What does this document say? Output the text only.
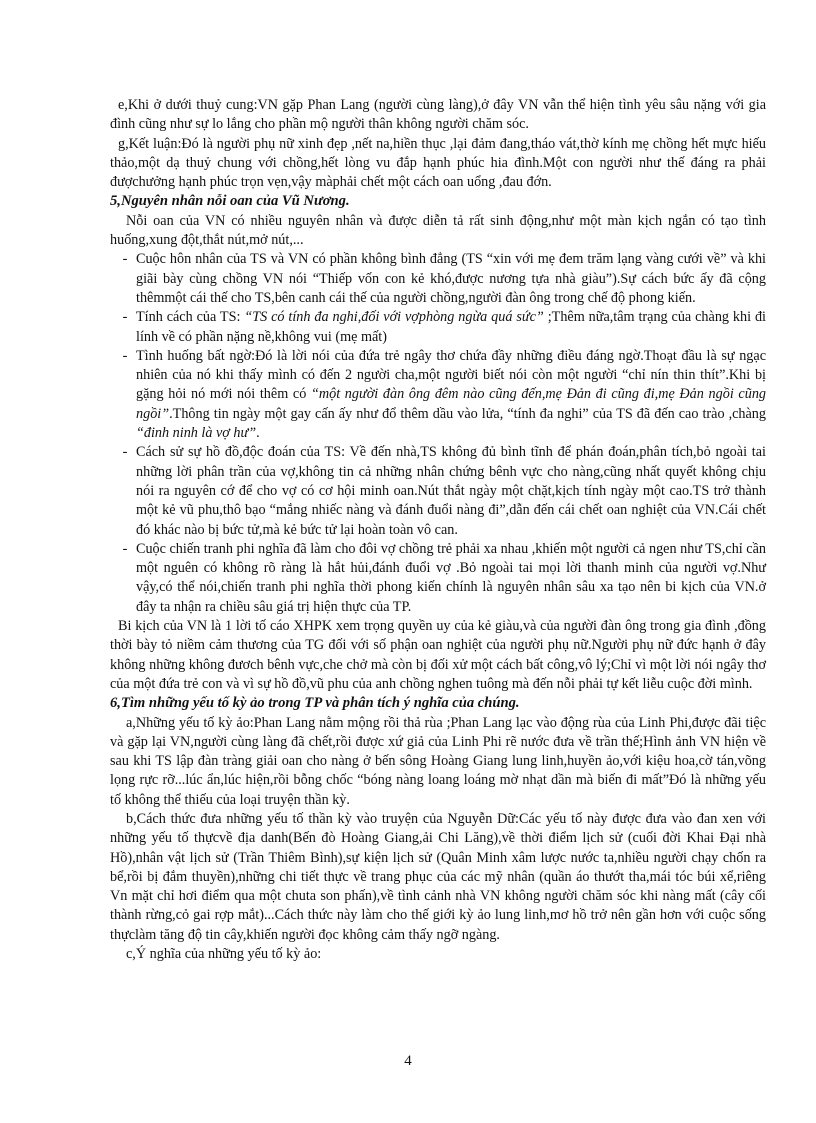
e,Khi ở dưới thuỷ cung:VN gặp Phan Lang (người cùng làng),ở đây VN vẫn thể hiện tình yêu sâu nặng với gia đình cũng như sự lo lắng cho phần mộ người thân không người chăm sóc.

g,Kết luận:Đó là người phụ nữ xinh đẹp ,nết na,hiền thục ,lại đảm đang,tháo vát,thờ kính mẹ chồng hết mực hiếu thảo,một dạ thuỷ chung với chồng,hết lòng vu đắp hạnh phúc hia đình.Một con người như thế đáng ra phải đượchưởng hạnh phúc trọn vẹn,vậy màphải chết một cách oan uổng ,đau đớn.

5,Nguyên nhân nỗi oan của Vũ Nương.

Nỗi oan của VN có nhiều nguyên nhân và được diễn tả rất sinh động,như một màn kịch ngắn có tạo tình huống,xung đột,thắt nút,mở nút,...

- Cuộc hôn nhân của TS và VN có phần không bình đẳng (TS “xin với mẹ đem trăm lạng vàng cưới về” và khi giãi bày cùng chồng VN nói “Thiếp vốn con kẻ khó,được nương tựa nhà giàu”).Sự cách bức ấy đã cộng thêmmột cái thế cho TS,bên canh cái thế của người chồng,người đàn ông trong chế độ phong kiến.
- Tính cách của TS: “TS có tính đa nghi,đối với vợphòng ngừa quá sức” ;Thêm nữa,tâm trạng của chàng khi đi lính về có phần nặng nề,không vui (mẹ mất)
- Tình huống bất ngờ:Đó là lời nói của đứa trẻ ngây thơ chứa đầy những điều đáng ngờ.Thoạt đầu là sự ngạc nhiên của nó khi thấy mình có đến 2 người cha,một người biết nói còn một người “chỉ nín thin thít”.Khi bị gặng hỏi nó mới nói thêm có “một người đàn ông đêm nào cũng đến,mẹ Đản đi cũng đi,mẹ Đản ngồi cũng ngồi”.Thông tin ngày một gay cấn ấy như đổ thêm dầu vào lửa, “tính đa nghi” của TS đã đến cao trào ,chàng “đinh ninh là vợ hư”.
- Cách sử sự hồ đồ,độc đoán của TS: Về đến nhà,TS không đủ bình tĩnh để phán đoán,phân tích,bỏ ngoài tai những lời phân trần của vợ,không tin cả những nhân chứng bênh vực cho nàng,cũng nhất quyết không chịu nói ra nguyên cớ để cho vợ có cơ hội minh oan.Nút thắt ngày một chặt,kịch tính ngày một cao.TS trở thành một kẻ vũ phu,thô bạo “mắng nhiếc nàng và đánh đuổi nàng đi”,dẫn đến cái chết oan nghiệt của VN.Cái chết đó khác nào bị bức tử,mà kẻ bức tử lại hoàn toàn vô can.
- Cuộc chiến tranh phi nghĩa đã làm cho đôi vợ chồng trẻ phải xa nhau ,khiến một người cả ngen như TS,chỉ cần một nguên có không rõ ràng là hắt hủi,đánh đuổi vợ .Bỏ ngoài tai mọi lời thanh minh của người vợ.Như vậy,có thể nói,chiến tranh phi nghĩa thời phong kiến chính là nguyên nhân sâu xa tạo nên bi kịch của VN.ở đây ta nhận ra chiều sâu giá trị hiện thực của TP.

Bi kịch của VN là 1 lời tố cáo XHPK xem trọng quyền uy của kẻ giàu,và của người đàn ông trong gia đình ,đồng thời bày tỏ niềm cảm thương của TG đối với số phận oan nghiệt của người phụ nữ.Người phụ nữ đức hạnh ở đây không những không đươch bênh vực,che chở mà còn bị đối xử một cách bất công,vô lý;Chỉ vì một lời nói ngây thơ của một đứa trẻ con và vì sự hồ đồ,vũ phu của anh chồng nghen tuông mà đến nỗi phải tự kết liễu cuộc đời mình.

6,Tìm những yếu tố kỳ ảo trong TP và phân tích ý nghĩa của chúng.

a,Những yếu tố kỳ ảo:Phan Lang nằm mộng rồi thả rùa ;Phan Lang lạc vào động rùa của Linh Phi,được đãi tiệc và gặp lại VN,người cùng làng đã chết,rồi được xứ giả của Linh Phi rẽ nước đưa về trần thế;Hình ảnh VN hiện về sau khi TS lập đàn tràng giải oan cho nàng ở bến sông Hoàng Giang lung linh,huyền ảo,với kiệu hoa,cờ tán,võng lọng rực rỡ...lúc ẩn,lúc hiện,rồi bỗng chốc “bóng nàng loang loáng mờ nhạt dần mà biến đi mất”Đó là những yếu tố không thể thiếu của loại truyện thần kỳ.

b,Cách thức đưa những yếu tố thần kỳ vào truyện của Nguyễn Dữ:Các yếu tố này được đưa vào đan xen với những yếu tố thựcvề địa danh(Bến đò Hoàng Giang,ải Chi Lăng),về thời điểm lịch sử (cuối đời Khai Đại nhà Hồ),nhân vật lịch sử (Trần Thiêm Bình),sự kiện lịch sử (Quân Minh xâm lược nước ta,nhiều người chạy chốn ra bể,rồi bị đắm thuyền),những chi tiết thực về trang phục của các mỹ nhân (quần áo thướt tha,mái tóc búi xể,riêng Vn mặt chỉ hơi điểm qua một chuta son phấn),về tình cảnh nhà VN không người chăm sóc khi nàng mất (cây cối thành rừng,cỏ gai rợp mắt)...Cách thức này làm cho thế giới kỳ ảo lung linh,mơ hồ trở nên gần hơn với cuộc sống thựclàm tăng độ tin cây,khiến người đọc không cảm thấy ngỡ ngàng.

c,Ý nghĩa của những yếu tố kỳ ảo:

4
